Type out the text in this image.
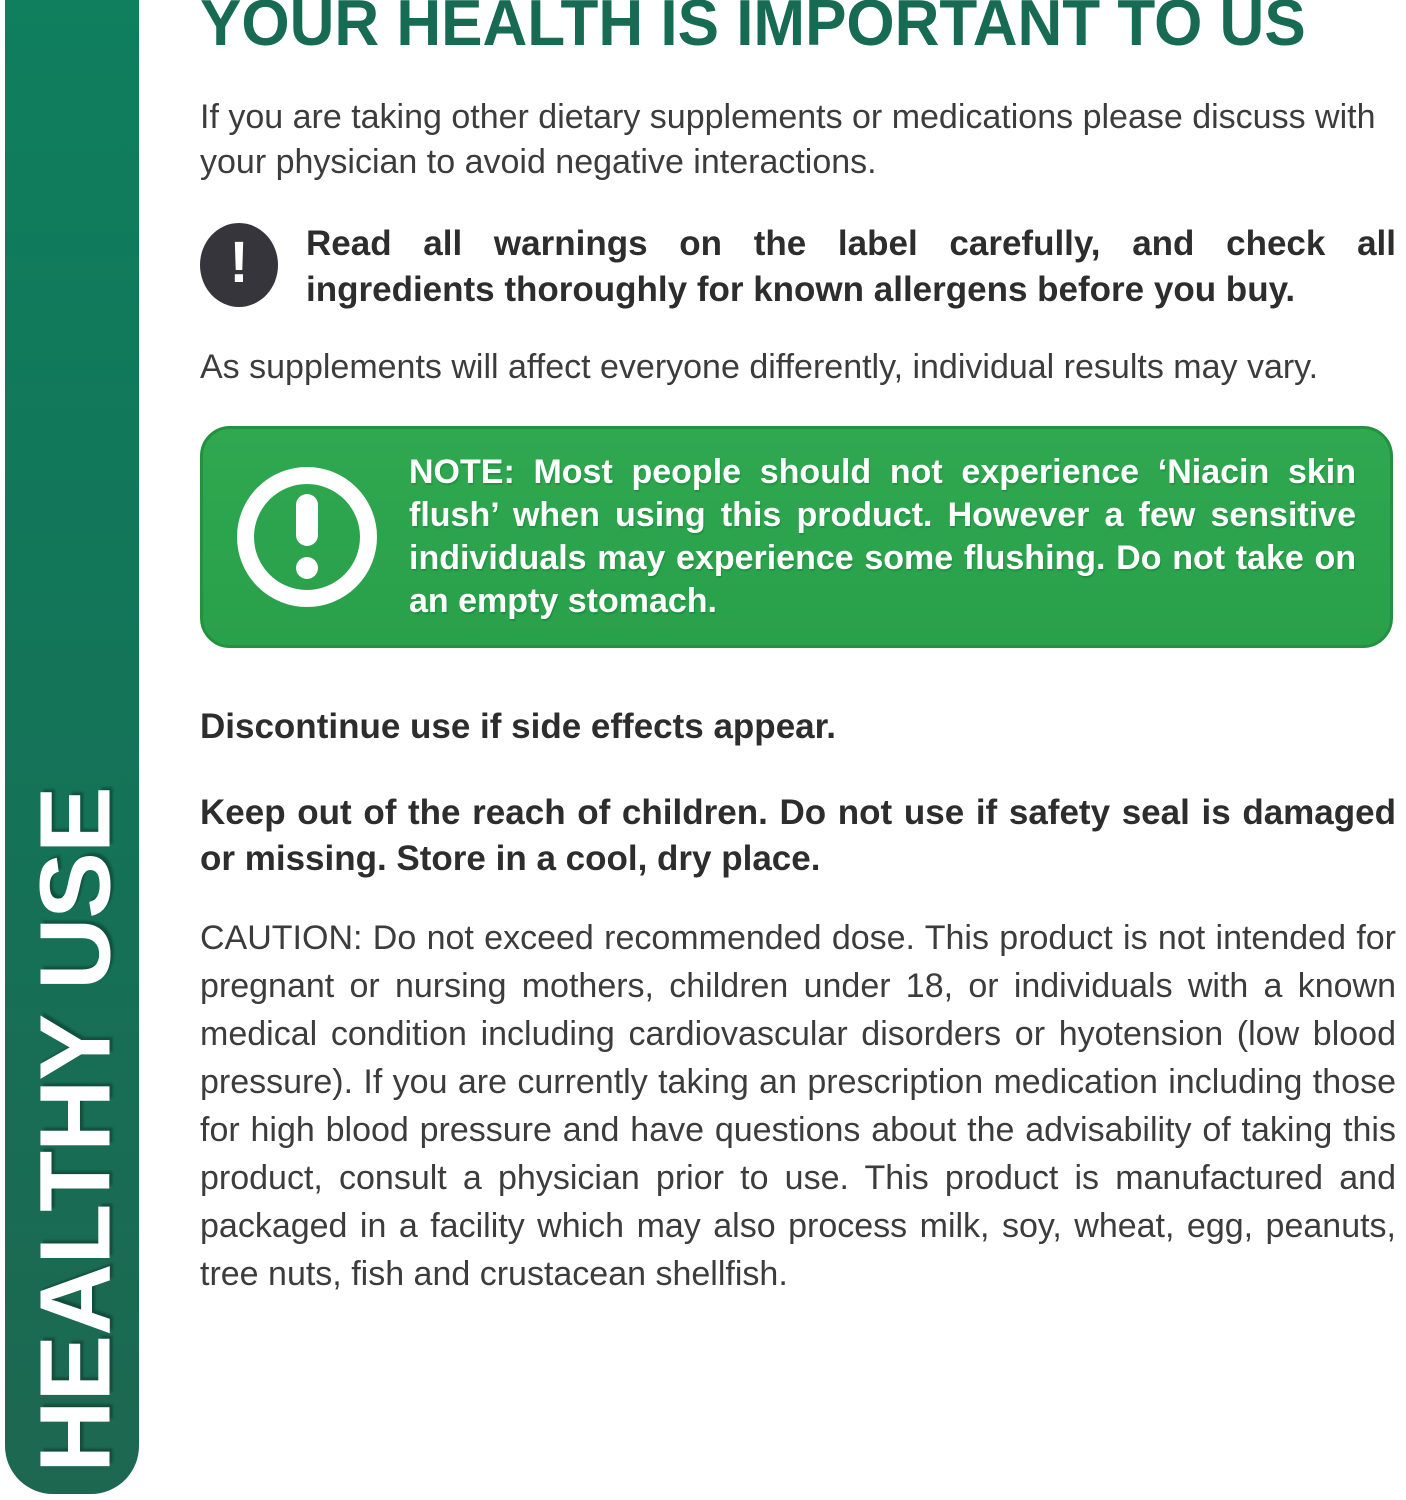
HEALTHY USE
YOUR HEALTH IS IMPORTANT TO US

If you are taking other dietary supplements or medications please discuss with your physician to avoid negative interactions.

! Read all warnings on the label carefully, and check all ingredients thoroughly for known allergens before you buy.

As supplements will affect everyone differently, individual results may vary.

NOTE: Most people should not experience ‘Niacin skin flush’ when using this product. However a few sensitive individuals may experience some flushing. Do not take on an empty stomach.

Discontinue use if side effects appear.

Keep out of the reach of children. Do not use if safety seal is damaged or missing. Store in a cool, dry place.

CAUTION: Do not exceed recommended dose. This product is not intended for pregnant or nursing mothers, children under 18, or individuals with a known medical condition including cardiovascular disorders or hyotension (low blood pressure). If you are currently taking an prescription medication including those for high blood pressure and have questions about the advisability of taking this product, consult a physician prior to use. This product is manufactured and packaged in a facility which may also process milk, soy, wheat, egg, peanuts, tree nuts, fish and crustacean shellfish.
